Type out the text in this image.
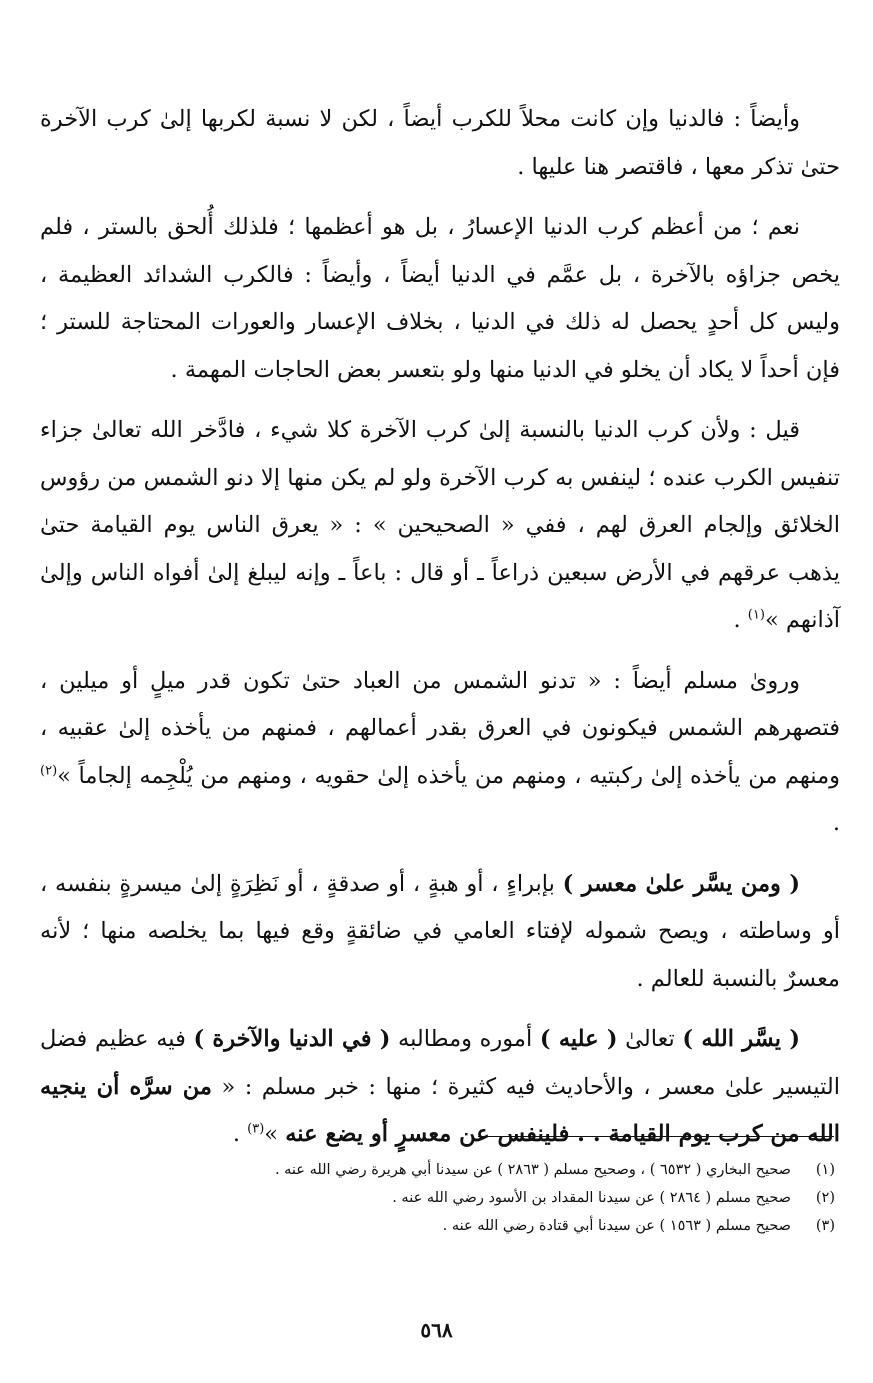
وأيضاً : فالدنيا وإن كانت محلاً للكرب أيضاً ، لكن لا نسبة لكربها إلىٰ كرب الآخرة حتىٰ تذكر معها ، فاقتصر هنا عليها .

نعم ؛ من أعظم كرب الدنيا الإعسارُ ، بل هو أعظمها ؛ فلذلك أُلحق بالستر ، فلم يخص جزاؤه بالآخرة ، بل عمَّم في الدنيا أيضاً ، وأيضاً : فالكرب الشدائد العظيمة ، وليس كل أحدٍ يحصل له ذلك في الدنيا ، بخلاف الإعسار والعورات المحتاجة للستر ؛ فإن أحداً لا يكاد أن يخلو في الدنيا منها ولو بتعسر بعض الحاجات المهمة .

قيل : ولأن كرب الدنيا بالنسبة إلىٰ كرب الآخرة كلا شيء ، فادَّخر الله تعالىٰ جزاء تنفيس الكرب عنده ؛ لينفس به كرب الآخرة ولو لم يكن منها إلا دنو الشمس من رؤوس الخلائق وإلجام العرق لهم ، ففي « الصحيحين » : « يعرق الناس يوم القيامة حتىٰ يذهب عرقهم في الأرض سبعين ذراعاً ـ أو قال : باعاً ـ وإنه ليبلغ إلىٰ أفواه الناس وإلىٰ آذانهم »$^{(١)}$ .

وروىٰ مسلم أيضاً : « تدنو الشمس من العباد حتىٰ تكون قدر ميلٍ أو ميلين ، فتصهرهم الشمس فيكونون في العرق بقدر أعمالهم ، فمنهم من يأخذه إلىٰ عقبيه ، ومنهم من يأخذه إلىٰ ركبتيه ، ومنهم من يأخذه إلىٰ حقويه ، ومنهم من يُلْجِمه إلجاماً »$^{(٢)}$ .

( ومن يسَّر علىٰ معسر ) بإبراءٍ ، أو هبةٍ ، أو صدقةٍ ، أو نَظِرَةٍ إلىٰ ميسرةٍ بنفسه ، أو وساطته ، ويصح شموله لإفتاء العامي في ضائقةٍ وقع فيها بما يخلصه منها ؛ لأنه معسرٌ بالنسبة للعالم .

( يسَّر الله ) تعالىٰ ( عليه ) أموره ومطالبه ( في الدنيا والآخرة ) فيه عظيم فضل التيسير علىٰ معسر ، والأحاديث فيه كثيرة ؛ منها : خبر مسلم : « من سرَّه أن ينجيه الله من كرب يوم القيامة . . فلينفس عن معسرٍ أو يضع عنه »$^{(٣)}$ .

(١)صحيح البخاري ( ٦٥٣٢ ) ، وصحيح مسلم ( ٢٨٦٣ ) عن سيدنا أبي هريرة رضي الله عنه .
(٢)صحيح مسلم ( ٢٨٦٤ ) عن سيدنا المقداد بن الأسود رضي الله عنه .
(٣)صحيح مسلم ( ١٥٦٣ ) عن سيدنا أبي قتادة رضي الله عنه .
٥٦٨
